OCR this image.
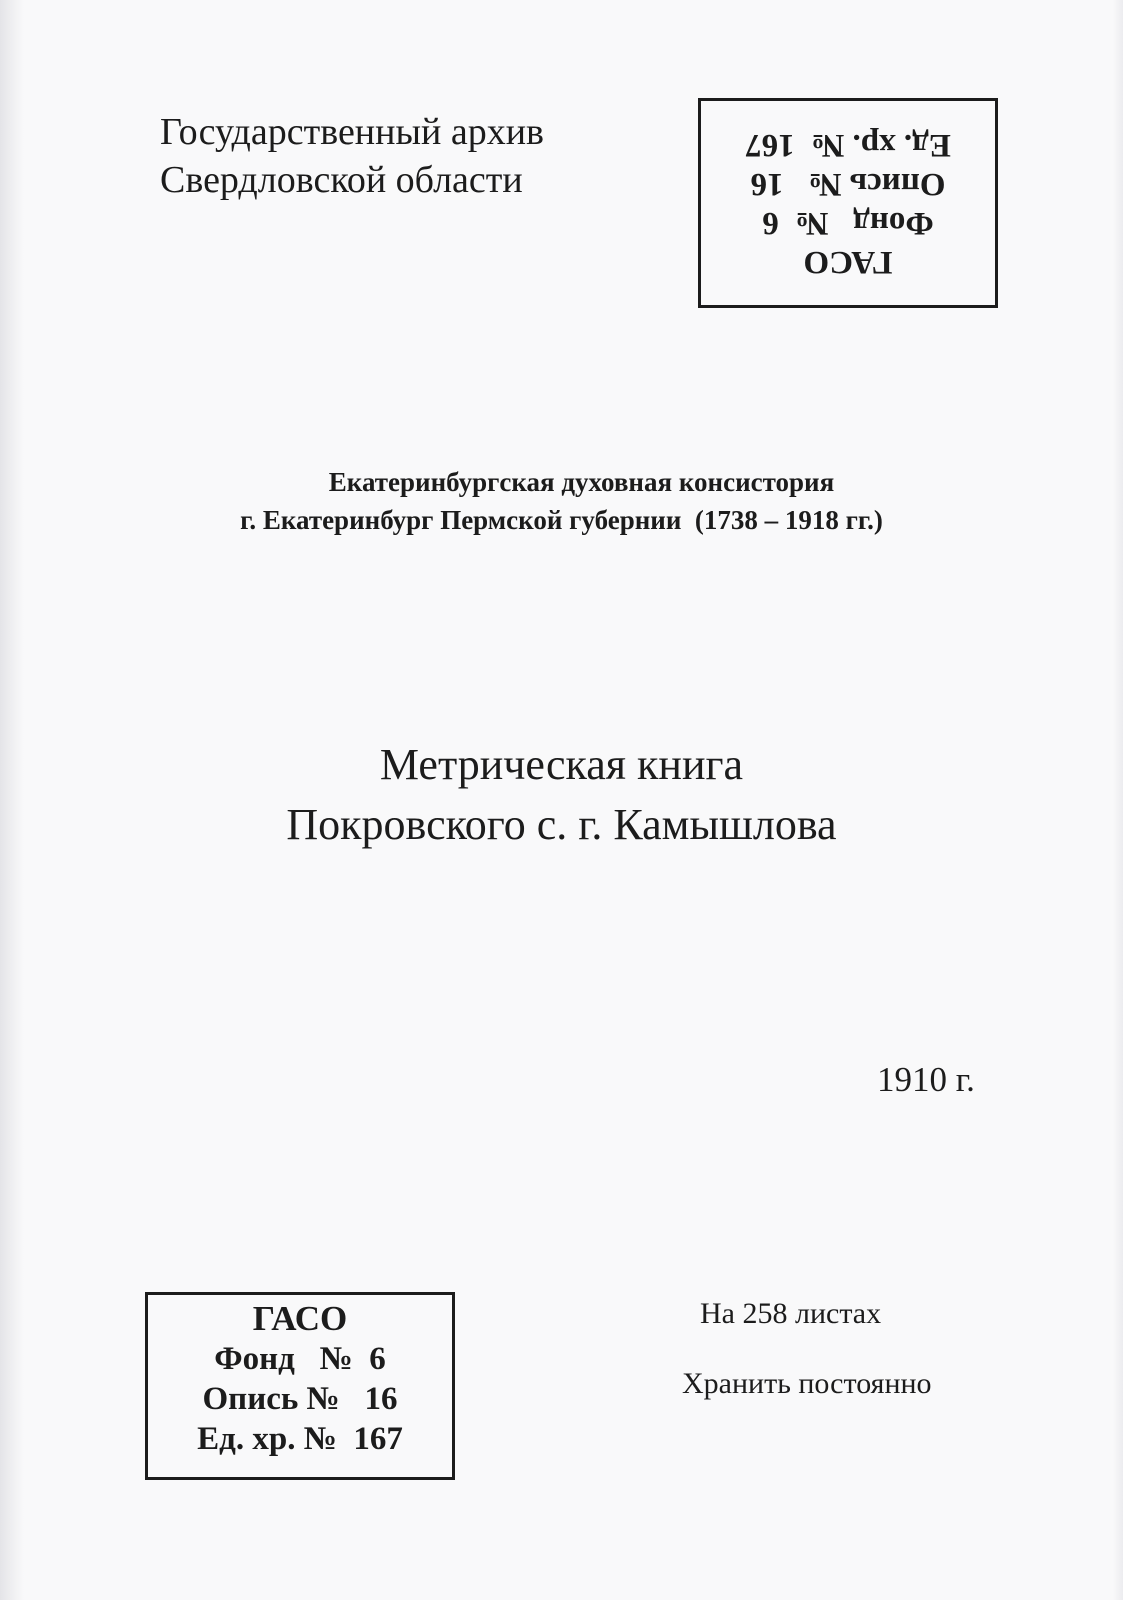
Государственный архив
Свердловской области
ГАСО
Фонд   №  6
Опись №   16
Ед. хр. №  167
Екатеринбургская духовная консистория
г. Екатеринбург Пермской губернии  (1738 – 1918 гг.)
Метрическая книга
Покровского с. г. Камышлова
1910 г.
ГАСО
Фонд   №  6
Опись №   16
Ед. хр. №  167
На 258 листах
Хранить постоянно
